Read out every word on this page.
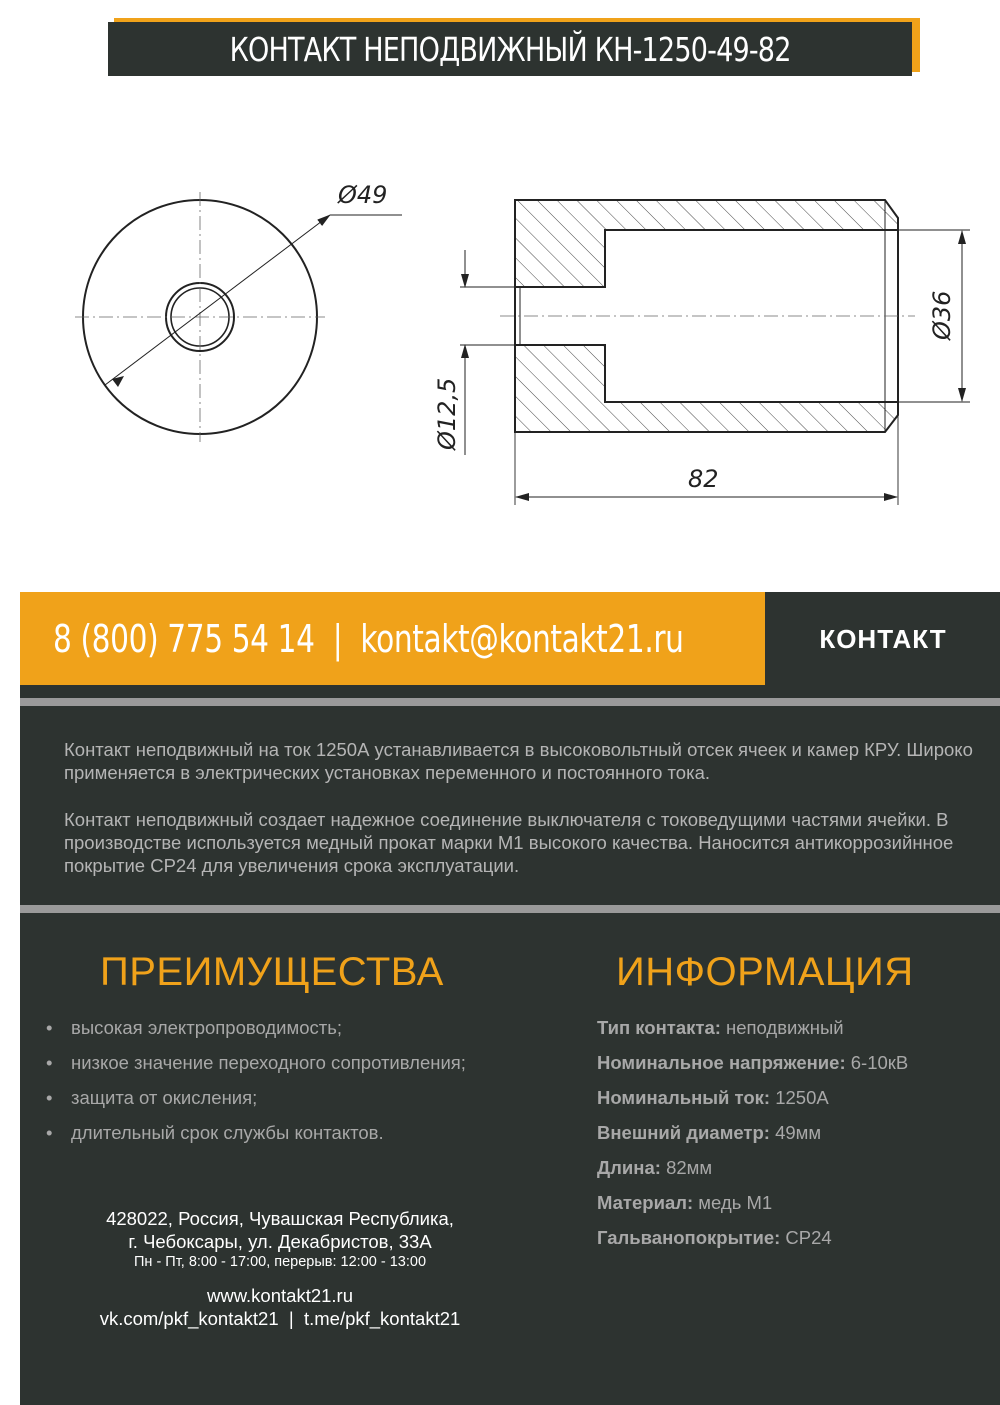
КОНТАКТ НЕПОДВИЖНЫЙ КН-1250-49-82
Ø49
Ø12,5
Ø36
82
8 (800) 775 54 14 | kontakt@kontakt21.ru	КОНТАКТ
Контакт неподвижный на ток 1250А устанавливается в высоковольтный отсек ячеек и камер КРУ. Широко применяется в электрических установках переменного и постоянного тока.
Контакт неподвижный создает надежное соединение выключателя с токоведущими частями ячейки. В производстве используется медный прокат марки М1 высокого качества. Наносится антикоррозийнное покрытие СР24 для увеличения срока эксплуатации.
ПРЕИМУЩЕСТВА	ИНФОРМАЦИЯ
• высокая электропроводимость;
• низкое значение переходного сопротивления;
• защита от окисления;
• длительный срок службы контактов.
Тип контакта: неподвижный
Номинальное напряжение: 6-10кВ
Номинальный ток: 1250А
Внешний диаметр: 49мм
Длина: 82мм
Материал: медь М1
Гальванопокрытие: СР24
428022, Россия, Чувашская Республика,
г. Чебоксары, ул. Декабристов, 33А
Пн - Пт, 8:00 - 17:00, перерыв: 12:00 - 13:00
www.kontakt21.ru
vk.com/pkf_kontakt21  |  t.me/pkf_kontakt21
